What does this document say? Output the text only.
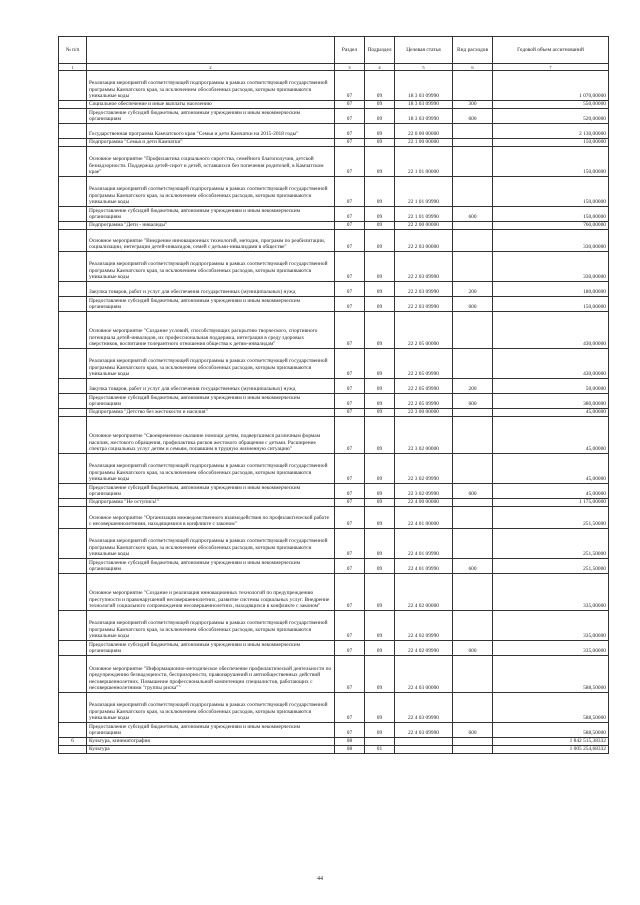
№ п/п		Раздел	Подраздел	Целевая статья	Вид расходов	Годовой объем ассигнований
1	2	3	4	5	6	7
	Реализация мероприятий соответствующей подпрограммы в рамках соответствующей государственной программы Камчатского края, за исключением обособленных расходов, которым присваиваются уникальные коды	07	09	18 3 03 09990		1 070,00000
	Социальное обеспечение и иные выплаты населению	07	09	18 3 03 09990	300	550,00000
	Предоставление субсидий бюджетным, автономным учреждениям и иным некоммерческим организациям	07	09	18 3 03 09990	600	520,00000
	Государственная программа Камчатского края "Семья и дети Камчатки на 2015-2018 годы"	07	09	22 0 00 00000		2 130,00000
	Подпрограмма "Семья и дети Камчатки"	07	09	22 1 00 00000		150,00000
	Основное мероприятие "Профилактика социального сиротства, семейного благополучия, детской безнадзорности. Поддержка детей-сирот и детей, оставшихся без попечения родителей, в Камчатском крае"	07	09	22 1 01 00000		150,00000
	Реализация мероприятий соответствующей подпрограммы в рамках соответствующей государственной программы Камчатского края, за исключением обособленных расходов, которым присваиваются уникальные коды	07	09	22 1 01 09990		150,00000
	Предоставление субсидий бюджетным, автономным учреждениям и иным некоммерческим организациям	07	09	22 1 01 09990	600	150,00000
	Подпрограмма "Дети - инвалиды"	07	09	22 2 00 00000		760,00000
	Основное мероприятие "Внедрение инновационных технологий, методик, программ по реабилитации, социализации, интеграции детей-инвалидов, семей с детьми-инвалидами в обществе"	07	09	22 2 03 00000		330,00000
	Реализация мероприятий соответствующей подпрограммы в рамках соответствующей государственной программы Камчатского края, за исключением обособленных расходов, которым присваиваются уникальные коды	07	09	22 2 03 09990		330,00000
	Закупка товаров, работ и услуг для обеспечения государственных (муниципальных) нужд	07	09	22 2 03 09990	200	180,00000
	Предоставление субсидий бюджетным, автономным учреждениям и иным некоммерческим организациям	07	09	22 2 03 09990	600	150,00000
	Основное мероприятие "Создание условий, способствующих раскрытию творческого, спортивного потенциала детей-инвалидов, их профессиональная поддержка, интеграция в среду здоровых сверстников, воспитание толерантного отношения общества к детям-инвалидам"	07	09	22 2 05 00000		430,00000
	Реализация мероприятий соответствующей подпрограммы в рамках соответствующей государственной программы Камчатского края, за исключением обособленных расходов, которым присваиваются уникальные коды	07	09	22 2 05 09990		430,00000
	Закупка товаров, работ и услуг для обеспечения государственных (муниципальных) нужд	07	09	22 2 05 09990	200	50,00000
	Предоставление субсидий бюджетным, автономным учреждениям и иным некоммерческим организациям	07	09	22 2 05 09990	600	380,00000
	Подпрограмма "Детство без жестокости и насилия"	07	09	22 3 00 00000		45,00000
	Основное мероприятие "Своевременное оказание помощи детям, подвергшимся различным формам насилия, жестокого обращения, профилактика рисков жестокого обращения с детьми. Расширение спектра социальных услуг детям и семьям, попавшим в трудную жизненную ситуацию"	07	09	22 3 02 00000		45,00000
	Реализация мероприятий соответствующей подпрограммы в рамках соответствующей государственной программы Камчатского края, за исключением обособленных расходов, которым присваиваются уникальные коды	07	09	22 3 02 09990		45,00000
	Предоставление субсидий бюджетным, автономным учреждениям и иным некоммерческим организациям	07	09	22 3 02 09990	600	45,00000
	Подпрограмма "Не оступись!"	07	09	22 4 00 00000		1 175,00000
	Основное мероприятие "Организация межведомственного взаимодействия по профилактической работе с несовершеннолетними, находящимися в конфликте с законом"	07	09	22 4 01 00000		251,50000
	Реализация мероприятий соответствующей подпрограммы в рамках соответствующей государственной программы Камчатского края, за исключением обособленных расходов, которым присваиваются уникальные коды	07	09	22 4 01 09990		251,50000
	Предоставление субсидий бюджетным, автономным учреждениям и иным некоммерческим организациям	07	09	22 4 01 09990	600	251,50000
	Основное мероприятие "Создание и реализация инновационных технологий по предупреждению преступности и правонарушений несовершеннолетних, развитие системы социальных услуг. Внедрение технологий социального сопровождения несовершеннолетних, находящихся в конфликте с законом"	07	09	22 4 02 00000		335,00000
	Реализация мероприятий соответствующей подпрограммы в рамках соответствующей государственной программы Камчатского края, за исключением обособленных расходов, которым присваиваются уникальные коды	07	09	22 4 02 09990		335,00000
	Предоставление субсидий бюджетным, автономным учреждениям и иным некоммерческим организациям	07	09	22 4 02 09990	600	335,00000
	Основное мероприятие "Информационно-методическое обеспечение профилактической деятельности по предупреждению безнадзорности, беспризорности, правонарушений и антиобщественных действий несовершеннолетних. Повышение профессиональной компетенции специалистов, работающих с несовершеннолетними "группы риска""	07	09	22 4 03 00000		588,50000
	Реализация мероприятий соответствующей подпрограммы в рамках соответствующей государственной программы Камчатского края, за исключением обособленных расходов, которым присваиваются уникальные коды	07	09	22 4 03 09990		588,50000
	Предоставление субсидий бюджетным, автономным учреждениям и иным некоммерческим организациям	07	09	22 4 03 09990	600	588,50000
6	Культура, кинематография	08				1 842 515,38332
	Культура	08	01			1 005 254,68332
44
